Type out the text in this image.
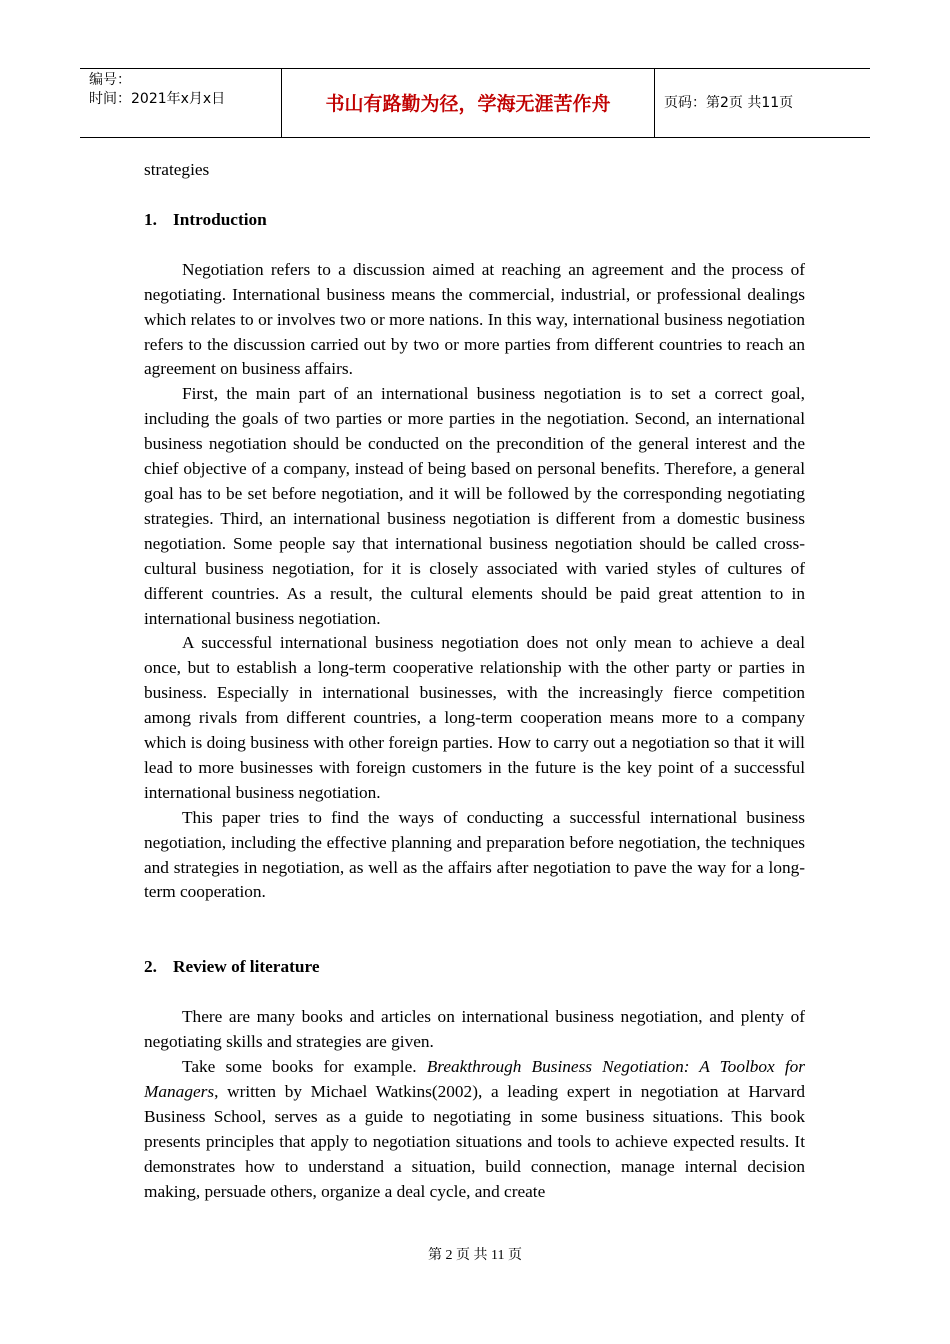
编号：
时间：2021年x月x日	书山有路勤为径，学海无涯苦作舟	页码：第2页 共11页

strategies

1. Introduction

Negotiation refers to a discussion aimed at reaching an agreement and the process of negotiating. International business means the commercial, industrial, or professional dealings which relates to or involves two or more nations. In this way, international business negotiation refers to the discussion carried out by two or more parties from different countries to reach an agreement on business affairs.

First, the main part of an international business negotiation is to set a correct goal, including the goals of two parties or more parties in the negotiation. Second, an international business negotiation should be conducted on the precondition of the general interest and the chief objective of a company, instead of being based on personal benefits. Therefore, a general goal has to be set before negotiation, and it will be followed by the corresponding negotiating strategies. Third, an international business negotiation is different from a domestic business negotiation. Some people say that international business negotiation should be called cross-cultural business negotiation, for it is closely associated with varied styles of cultures of different countries. As a result, the cultural elements should be paid great attention to in international business negotiation.

A successful international business negotiation does not only mean to achieve a deal once, but to establish a long-term cooperative relationship with the other party or parties in business. Especially in international businesses, with the increasingly fierce competition among rivals from different countries, a long-term cooperation means more to a company which is doing business with other foreign parties. How to carry out a negotiation so that it will lead to more businesses with foreign customers in the future is the key point of a successful international business negotiation.

This paper tries to find the ways of conducting a successful international business negotiation, including the effective planning and preparation before negotiation, the techniques and strategies in negotiation, as well as the affairs after negotiation to pave the way for a long-term cooperation.

2. Review of literature

There are many books and articles on international business negotiation, and plenty of negotiating skills and strategies are given.

Take some books for example. Breakthrough Business Negotiation: A Toolbox for Managers, written by Michael Watkins(2002), a leading expert in negotiation at Harvard Business School, serves as a guide to negotiating in some business situations. This book presents principles that apply to negotiation situations and tools to achieve expected results. It demonstrates how to understand a situation, build connection, manage internal decision making, persuade others, organize a deal cycle, and create

第 2 页 共 11 页
